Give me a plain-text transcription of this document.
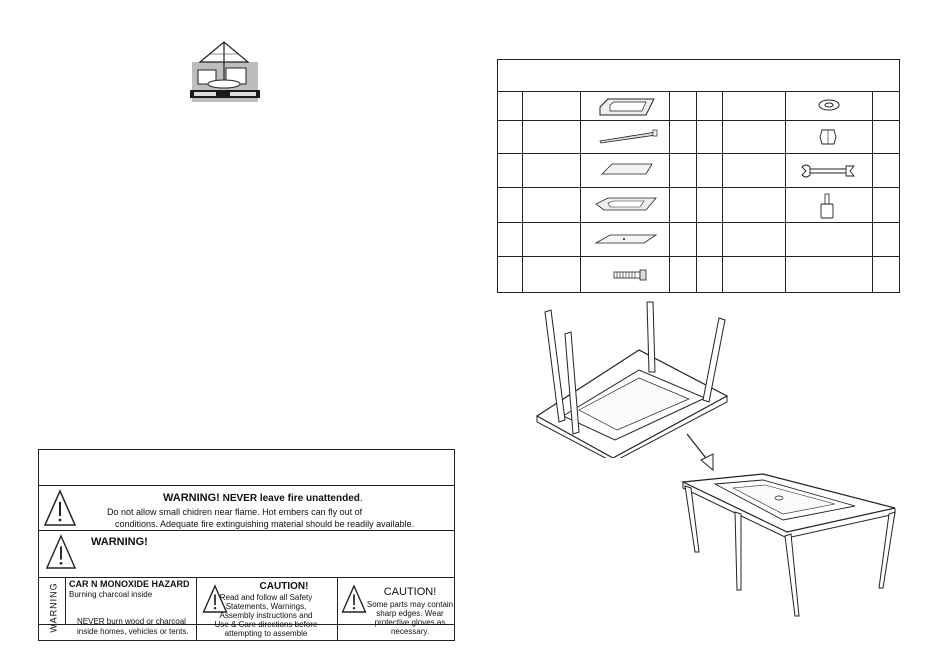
WARNING! NEVER leave fire unattended.
Do not allow small chidren near flame. Hot embers can fly out of
conditions. Adequate fire extinguishing material should be readily available.
WARNING!
WARNING CAR N MONOXIDE HAZARD
Burning charcoal inside
NEVER burn wood or charcoal
inside homes, vehicles or tents.
CAUTION!
Read and follow all Safety
Statements, Warnings,
Assembly instructions and
Use & Care directions before
attempting to assemble
CAUTION!
Some parts may contain
sharp edges. Wear
protective gloves as
necessary.
